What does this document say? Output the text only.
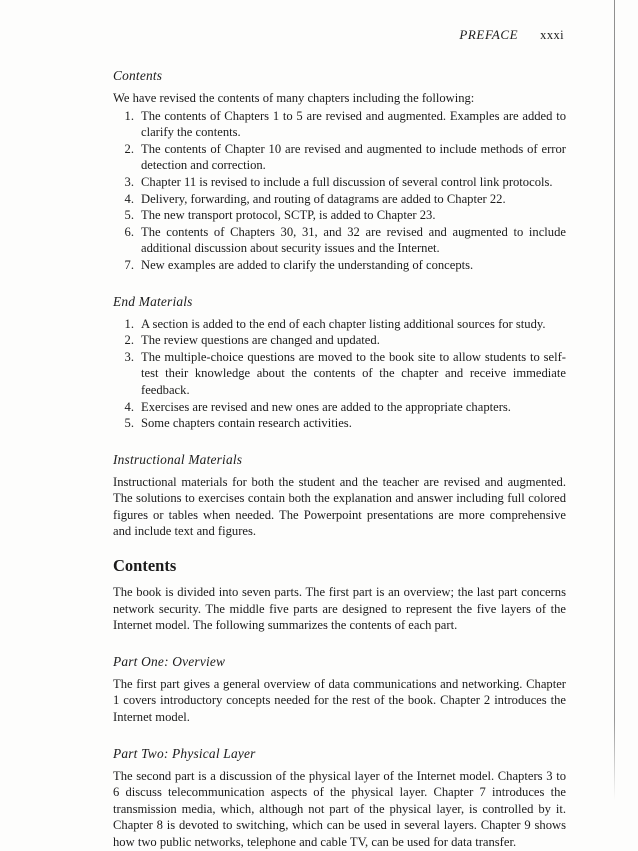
PREFACE xxxi
Contents

We have revised the contents of many chapters including the following:

1. The contents of Chapters 1 to 5 are revised and augmented. Examples are added to clarify the contents.
2. The contents of Chapter 10 are revised and augmented to include methods of error detection and correction.
3. Chapter 11 is revised to include a full discussion of several control link protocols.
4. Delivery, forwarding, and routing of datagrams are added to Chapter 22.
5. The new transport protocol, SCTP, is added to Chapter 23.
6. The contents of Chapters 30, 31, and 32 are revised and augmented to include additional discussion about security issues and the Internet.
7. New examples are added to clarify the understanding of concepts.
End Materials
1. A section is added to the end of each chapter listing additional sources for study.
2. The review questions are changed and updated.
3. The multiple-choice questions are moved to the book site to allow students to self-test their knowledge about the contents of the chapter and receive immediate feedback.
4. Exercises are revised and new ones are added to the appropriate chapters.
5. Some chapters contain research activities.
Instructional Materials

Instructional materials for both the student and the teacher are revised and augmented. The solutions to exercises contain both the explanation and answer including full colored figures or tables when needed. The Powerpoint presentations are more comprehensive and include text and figures.

Contents

The book is divided into seven parts. The first part is an overview; the last part concerns network security. The middle five parts are designed to represent the five layers of the Internet model. The following summarizes the contents of each part.

Part One: Overview

The first part gives a general overview of data communications and networking. Chapter 1 covers introductory concepts needed for the rest of the book. Chapter 2 introduces the Internet model.

Part Two: Physical Layer

The second part is a discussion of the physical layer of the Internet model. Chapters 3 to 6 discuss telecommunication aspects of the physical layer. Chapter 7 introduces the transmission media, which, although not part of the physical layer, is controlled by it. Chapter 8 is devoted to switching, which can be used in several layers. Chapter 9 shows how two public networks, telephone and cable TV, can be used for data transfer.
